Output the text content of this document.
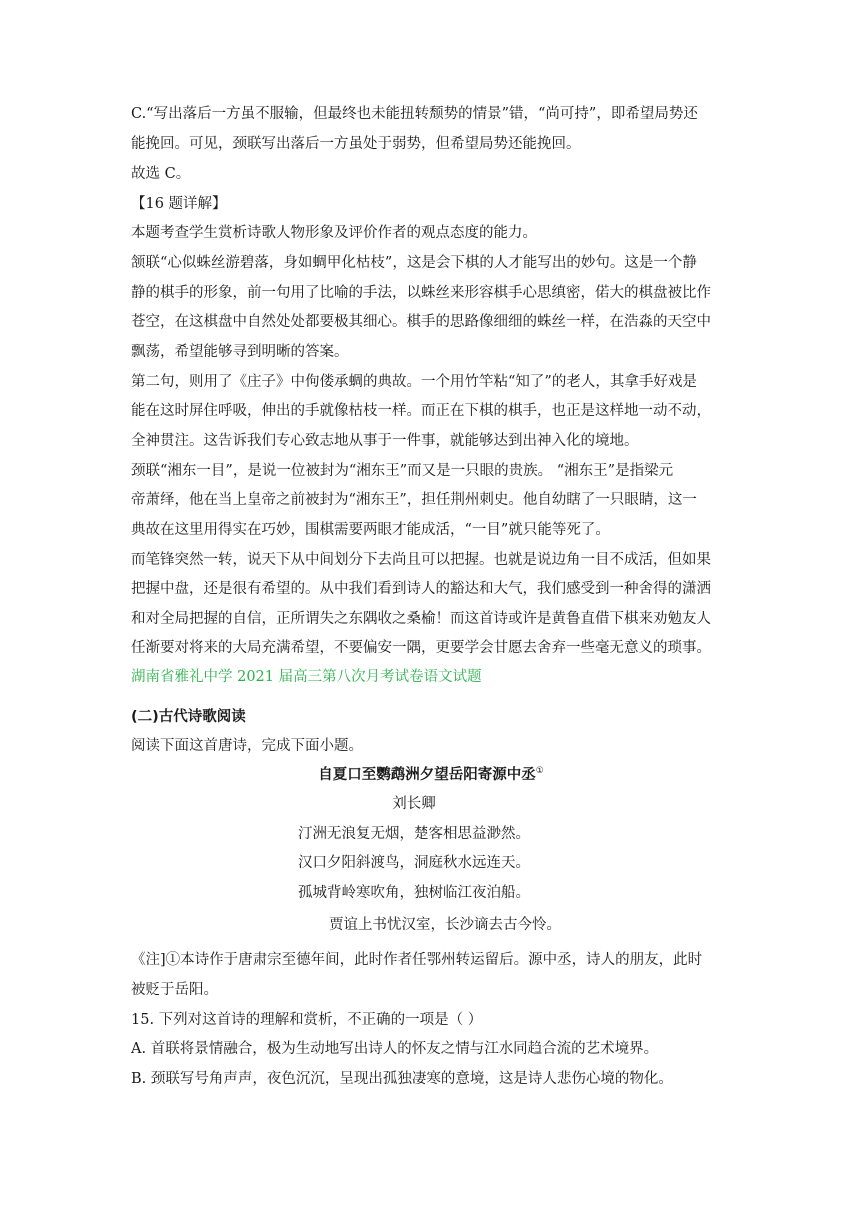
C.“写出落后一方虽不服输，但最终也未能扭转颓势的情景”错，“尚可持”，即希望局势还
能挽回。可见，颈联写出落后一方虽处于弱势，但希望局势还能挽回。
故选 C。
【16 题详解】
本题考查学生赏析诗歌人物形象及评价作者的观点态度的能力。
颔联“心似蛛丝游碧落，身如蜩甲化枯枝”，这是会下棋的人才能写出的妙句。这是一个静
静的棋手的形象，前一句用了比喻的手法，以蛛丝来形容棋手心思缜密，偌大的棋盘被比作
苍空，在这棋盘中自然处处都要极其细心。棋手的思路像细细的蛛丝一样，在浩淼的天空中
飘荡，希望能够寻到明晰的答案。
第二句，则用了《庄子》中佝偻承蜩的典故。一个用竹竿粘“知了”的老人，其拿手好戏是
能在这时屏住呼吸，伸出的手就像枯枝一样。而正在下棋的棋手，也正是这样地一动不动，
全神贯注。这告诉我们专心致志地从事于一件事，就能够达到出神入化的境地。
颈联“湘东一目”，是说一位被封为“湘东王”而又是一只眼的贵族。 “湘东王”是指梁元
帝萧绎，他在当上皇帝之前被封为“湘东王”，担任荆州刺史。他自幼瞎了一只眼睛，这一
典故在这里用得实在巧妙，围棋需要两眼才能成活，“一目”就只能等死了。
而笔锋突然一转，说天下从中间划分下去尚且可以把握。也就是说边角一目不成活，但如果
把握中盘，还是很有希望的。从中我们看到诗人的豁达和大气，我们感受到一种舍得的潇洒
和对全局把握的自信，正所谓失之东隅收之桑榆！而这首诗或许是黄鲁直借下棋来劝勉友人
任渐要对将来的大局充满希望，不要偏安一隅，更要学会甘愿去舍弃一些毫无意义的琐事。
湖南省雅礼中学 2021 届高三第八次月考试卷语文试题
(二)古代诗歌阅读
阅读下面这首唐诗，完成下面小题。
自夏口至鹦鹉洲夕望岳阳寄源中丞①
刘长卿
汀洲无浪复无烟，楚客相思益渺然。
汉口夕阳斜渡鸟，洞庭秋水远连天。
孤城背岭寒吹角，独树临江夜泊船。
贾谊上书忧汉室，长沙谪去古今怜。
《注]①本诗作于唐肃宗至德年间，此时作者任鄂州转运留后。源中丞，诗人的朋友，此时
被贬于岳阳。
15. 下列对这首诗的理解和赏析，不正确的一项是（ ）
A. 首联将景情融合，极为生动地写出诗人的怀友之情与江水同趋合流的艺术境界。
B. 颈联写号角声声，夜色沉沉，呈现出孤独凄寒的意境，这是诗人悲伤心境的物化。
